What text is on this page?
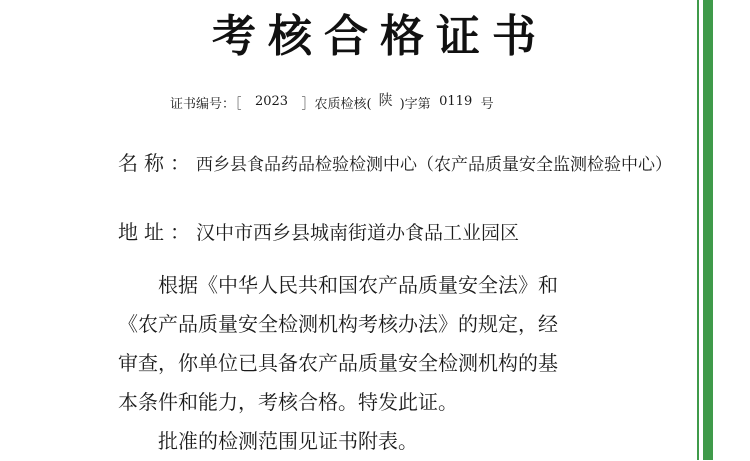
考核合格证书
证书编号：［ 2023 ］农质检核( 陕 )字第 0119 号
名称：西乡县食品药品检验检测中心（农产品质量安全监测检验中心）
地址：汉中市西乡县城南街道办食品工业园区
根据《中华人民共和国农产品质量安全法》和
《农产品质量安全检测机构考核办法》的规定，经
审查，你单位已具备农产品质量安全检测机构的基
本条件和能力，考核合格。特发此证。
批准的检测范围见证书附表。
